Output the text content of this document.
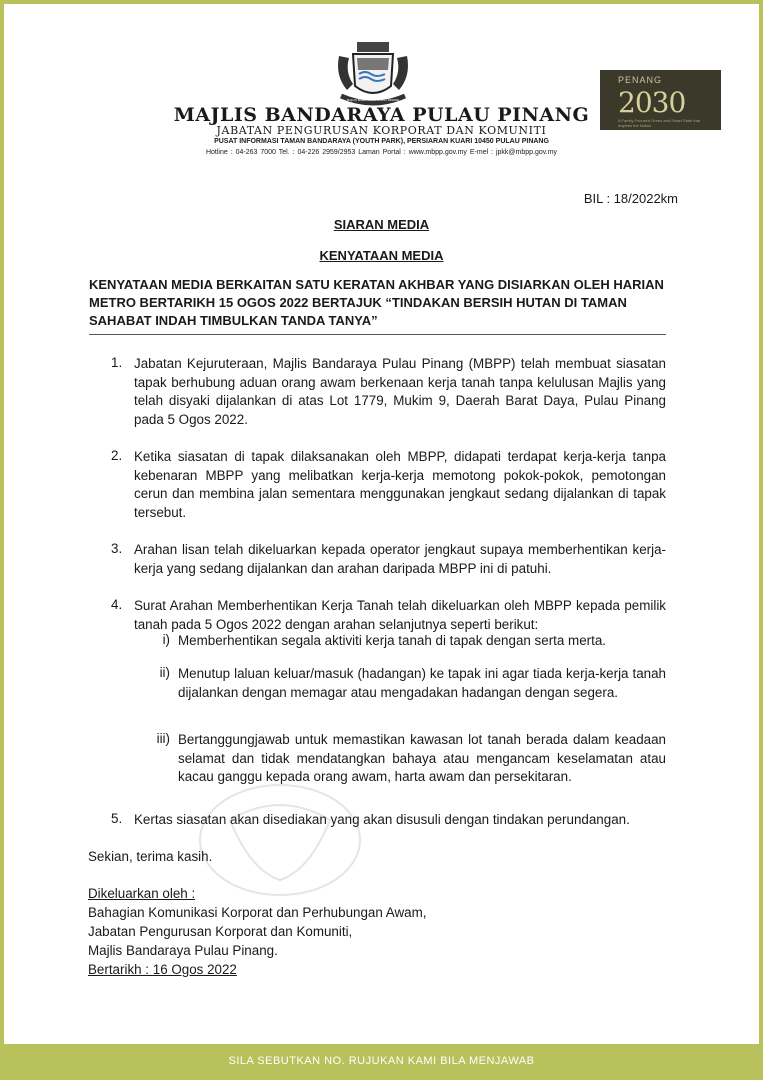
MAJLIS BANDARAYA PULAU PINANG
MAJLIS BANDARAYA PULAU PINANG
JABATAN PENGURUSAN KORPORAT DAN KOMUNITI
PUSAT INFORMASI TAMAN BANDARAYA (YOUTH PARK), PERSIARAN KUARI 10450 PULAU PINANG
Hotline : 04-263 7000 Tel. : 04-226 2959/2953 Laman Portal : www.mbpp.gov.my E-mel : jpkk@mbpp.gov.my
PENANG
2030
A Family-Focused Green and Smart State that Inspires the Nation
BIL : 18/2022km
SIARAN MEDIA
KENYATAAN MEDIA
KENYATAAN MEDIA BERKAITAN SATU KERATAN AKHBAR YANG DISIARKAN OLEH HARIAN METRO BERTARIKH 15 OGOS 2022 BERTAJUK “TINDAKAN BERSIH HUTAN DI TAMAN SAHABAT INDAH TIMBULKAN TANDA TANYA”
1. Jabatan Kejuruteraan, Majlis Bandaraya Pulau Pinang (MBPP) telah membuat siasatan tapak berhubung aduan orang awam berkenaan kerja tanah tanpa kelulusan Majlis yang telah disyaki dijalankan di atas Lot 1779, Mukim 9, Daerah Barat Daya, Pulau Pinang pada 5 Ogos 2022.
2. Ketika siasatan di tapak dilaksanakan oleh MBPP, didapati terdapat kerja-kerja tanpa kebenaran MBPP yang melibatkan kerja-kerja memotong pokok-pokok, pemotongan cerun dan membina jalan sementara menggunakan jengkaut sedang dijalankan di tapak tersebut.
3. Arahan lisan telah dikeluarkan kepada operator jengkaut supaya memberhentikan kerja-kerja yang sedang dijalankan dan arahan daripada MBPP ini di patuhi.
4. Surat Arahan Memberhentikan Kerja Tanah telah dikeluarkan oleh MBPP kepada pemilik tanah pada 5 Ogos 2022 dengan arahan selanjutnya seperti berikut:
i) Memberhentikan segala aktiviti kerja tanah di tapak dengan serta merta.
ii) Menutup laluan keluar/masuk (hadangan) ke tapak ini agar tiada kerja-kerja tanah dijalankan dengan memagar atau mengadakan hadangan dengan segera.
iii) Bertanggungjawab untuk memastikan kawasan lot tanah berada dalam keadaan selamat dan tidak mendatangkan bahaya atau mengancam keselamatan atau kacau ganggu kepada orang awam, harta awam dan persekitaran.
5. Kertas siasatan akan disediakan yang akan disusuli dengan tindakan perundangan.
Sekian, terima kasih.
Dikeluarkan oleh :
Bahagian Komunikasi Korporat dan Perhubungan Awam,
Jabatan Pengurusan Korporat dan Komuniti,
Majlis Bandaraya Pulau Pinang.
Bertarikh : 16 Ogos 2022
SILA SEBUTKAN NO. RUJUKAN KAMI BILA MENJAWAB
